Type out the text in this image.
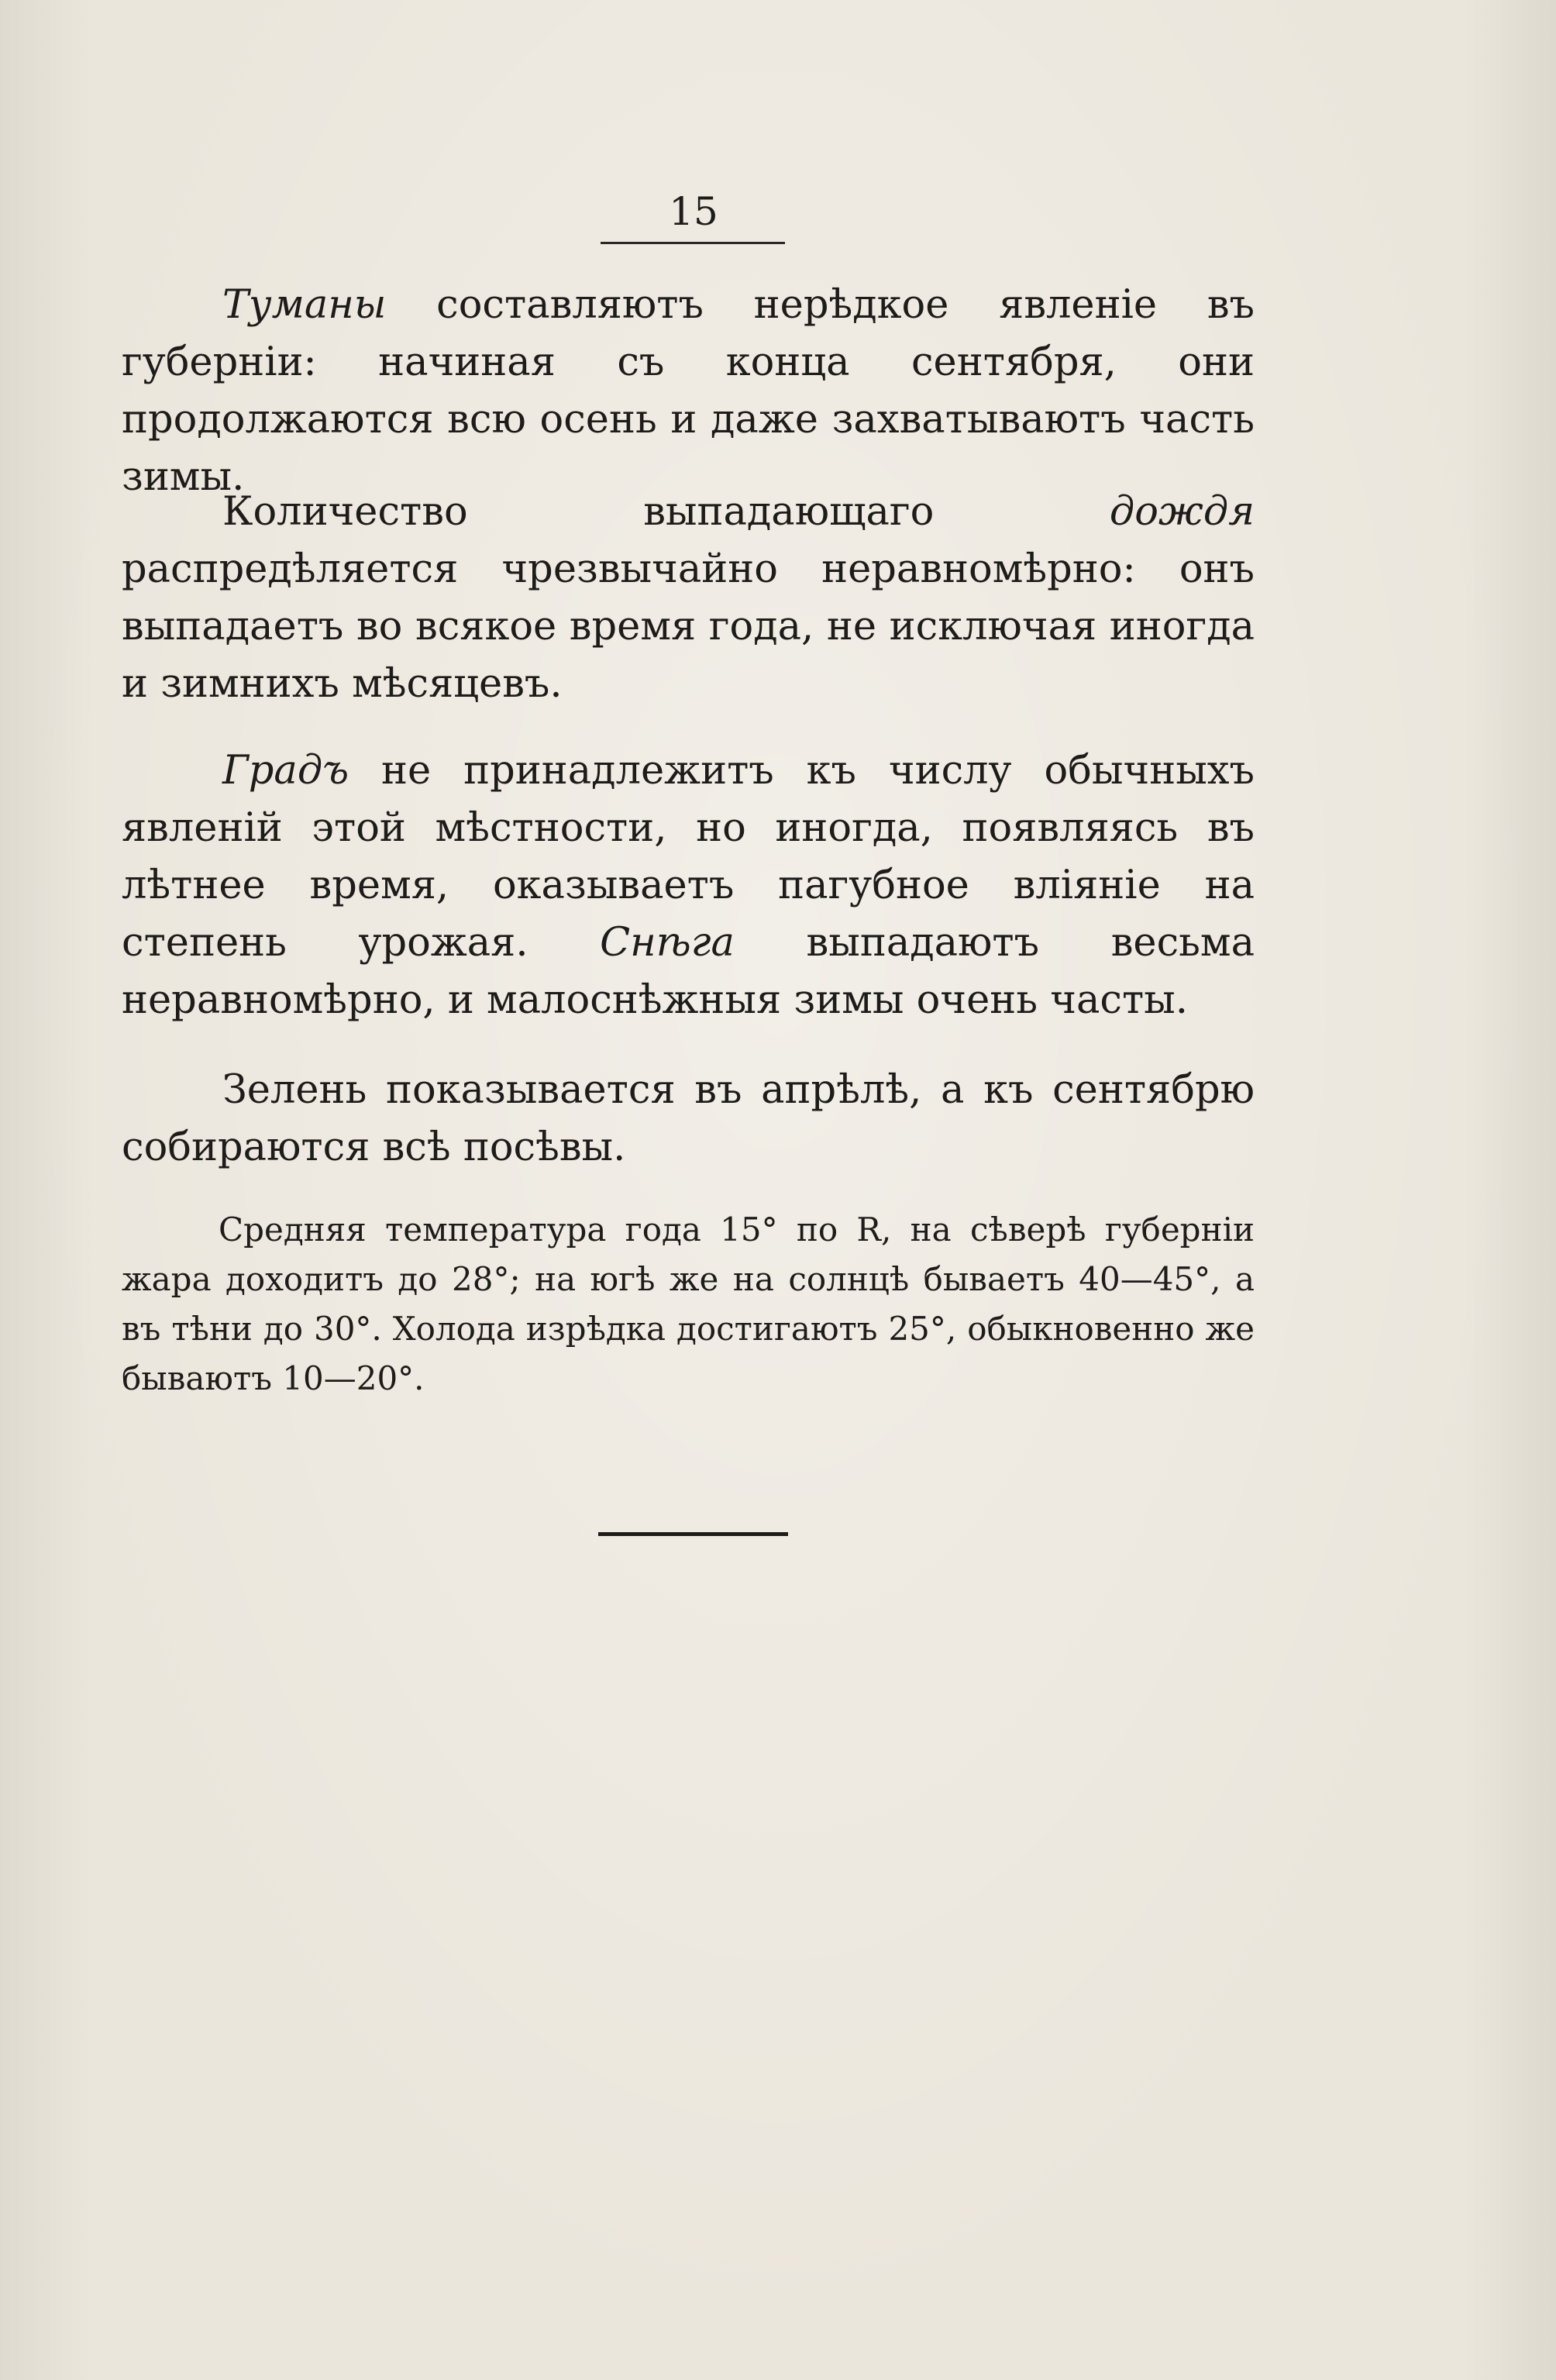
15

Туманы составляютъ нерѣдкое явленіе въ губерніи: начиная съ конца сентября, они продолжаются всю осень и даже захватываютъ часть зимы.

Количество выпадающаго дождя распредѣляется чрезвычайно неравномѣрно: онъ выпадаетъ во всякое время года, не исключая иногда и зимнихъ мѣсяцевъ.

Градъ не принадлежитъ къ числу обычныхъ явленій этой мѣстности, но иногда, появляясь въ лѣтнее время, оказываетъ пагубное вліяніе на степень урожая. Снѣга выпадаютъ весьма неравномѣрно, и малоснѣжныя зимы очень часты.

Зелень показывается въ апрѣлѣ, а къ сентябрю собираются всѣ посѣвы.

Средняя температура года 15° по R, на сѣверѣ губерніи жара доходитъ до 28°; на югѣ же на солнцѣ бываетъ 40—45°, а въ тѣни до 30°. Холода изрѣдка достигаютъ 25°, обыкновенно же бываютъ 10—20°.
